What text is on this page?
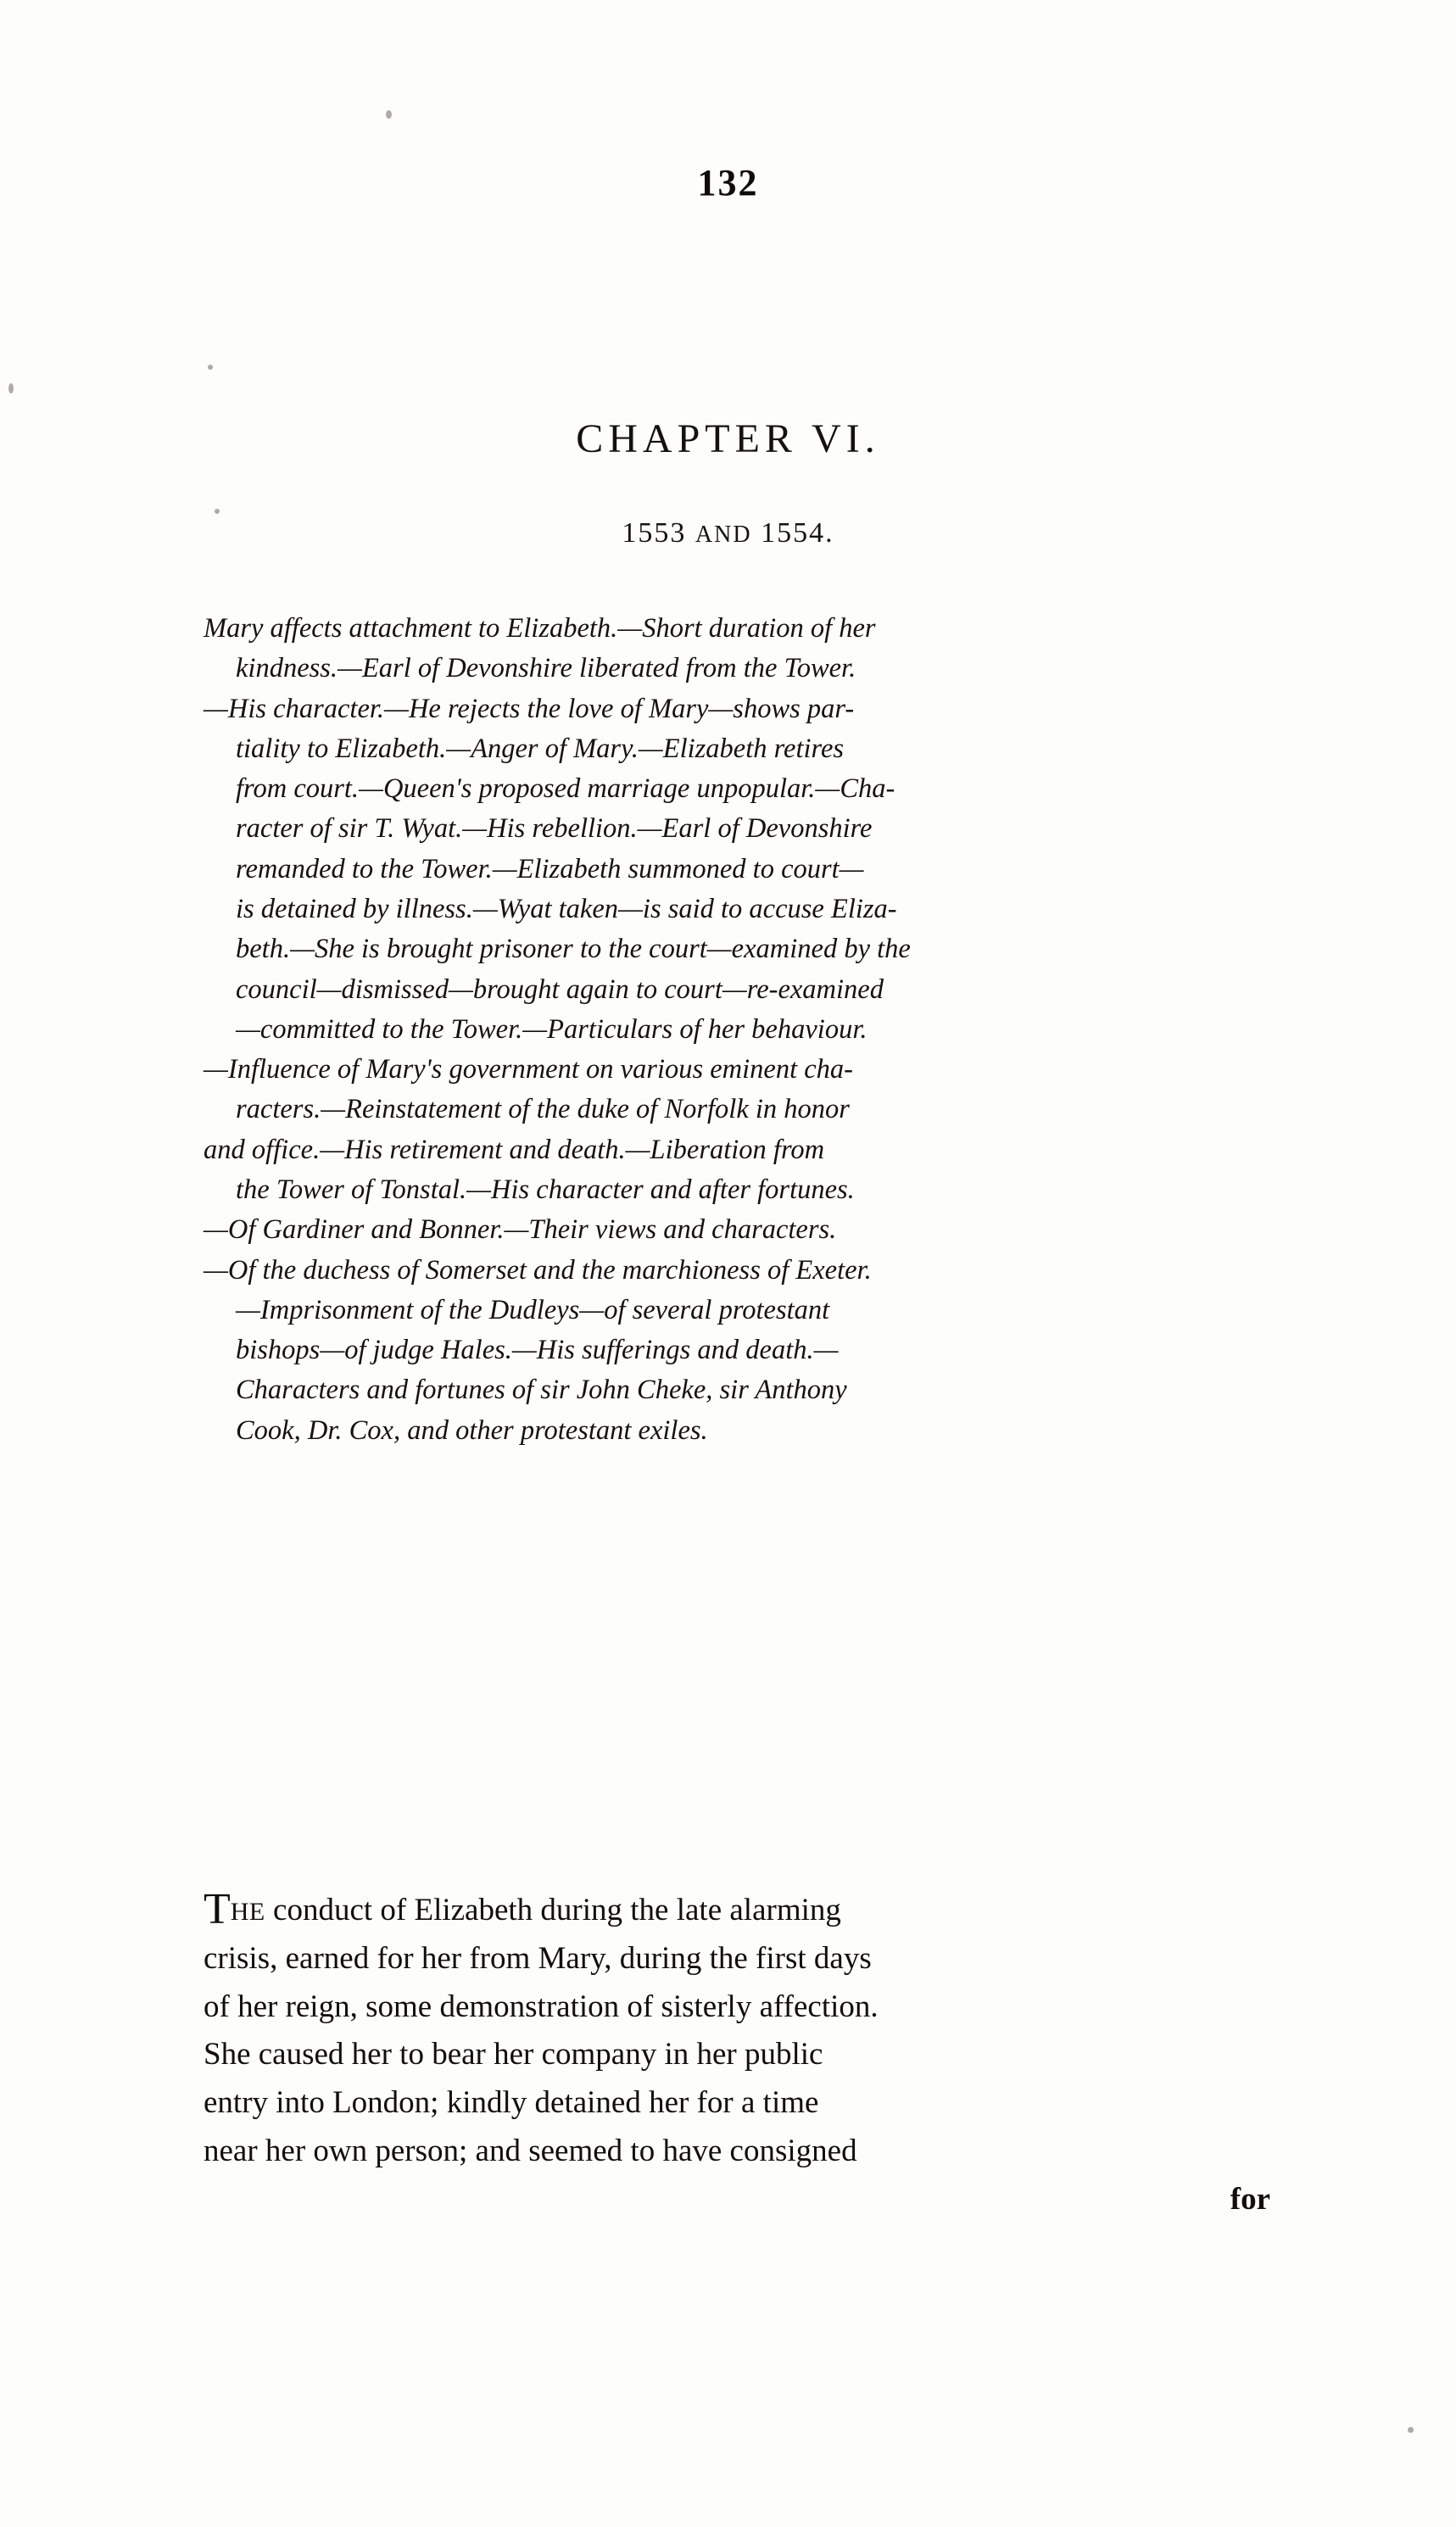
132
CHAPTER VI.
1553 AND 1554.
Mary affects attachment to Elizabeth.—Short duration of her
kindness.—Earl of Devonshire liberated from the Tower.
—His character.—He rejects the love of Mary—shows par-
tiality to Elizabeth.—Anger of Mary.—Elizabeth retires
from court.—Queen's proposed marriage unpopular.—Cha-
racter of sir T. Wyat.—His rebellion.—Earl of Devonshire
remanded to the Tower.—Elizabeth summoned to court—
is detained by illness.—Wyat taken—is said to accuse Eliza-
beth.—She is brought prisoner to the court—examined by the
council—dismissed—brought again to court—re-examined
—committed to the Tower.—Particulars of her behaviour.
—Influence of Mary's government on various eminent cha-
racters.—Reinstatement of the duke of Norfolk in honor
and office.—His retirement and death.—Liberation from
the Tower of Tonstal.—His character and after fortunes.
—Of Gardiner and Bonner.—Their views and characters.
—Of the duchess of Somerset and the marchioness of Exeter.
—Imprisonment of the Dudleys—of several protestant
bishops—of judge Hales.—His sufferings and death.—
Characters and fortunes of sir John Cheke, sir Anthony
Cook, Dr. Cox, and other protestant exiles.
THE conduct of Elizabeth during the late alarming
crisis, earned for her from Mary, during the first days
of her reign, some demonstration of sisterly affection.
She caused her to bear her company in her public
entry into London; kindly detained her for a time
near her own person; and seemed to have consigned
for
